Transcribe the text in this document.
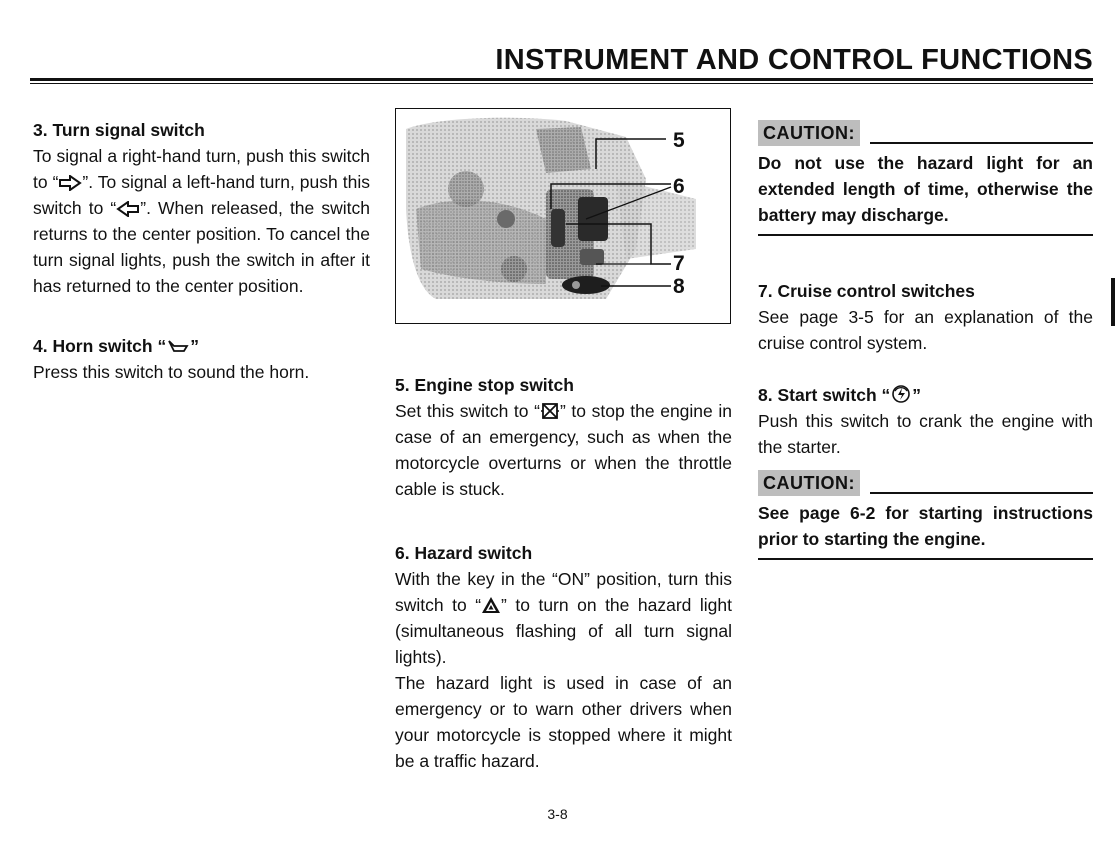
INSTRUMENT AND CONTROL FUNCTIONS
3. Turn signal switch

To signal a right-hand turn, push this switch to “ ”. To signal a left-hand turn, push this switch to “ ”. When released, the switch returns to the center position. To cancel the turn signal lights, push the switch in after it has returned to the center position.

4. Horn switch “ ”

Press this switch to sound the horn.

5
6
7
8
5. Engine stop switch

Set this switch to “ ” to stop the engine in case of an emergency, such as when the motorcycle overturns or when the throttle cable is stuck.

6. Hazard switch

With the key in the “ON” position, turn this switch to “ ” to turn on the hazard light (simultaneous flashing of all turn signal lights).

The hazard light is used in case of an emergency or to warn other drivers when your motorcycle is stopped where it might be a traffic hazard.

CAUTION:

Do not use the hazard light for an extended length of time, otherwise the battery may discharge.

7. Cruise control switches

See page 3-5 for an explanation of the cruise control system.

8. Start switch “ ”

Push this switch to crank the engine with the starter.

CAUTION:

See page 6-2 for starting instructions prior to starting the engine.

3-8
